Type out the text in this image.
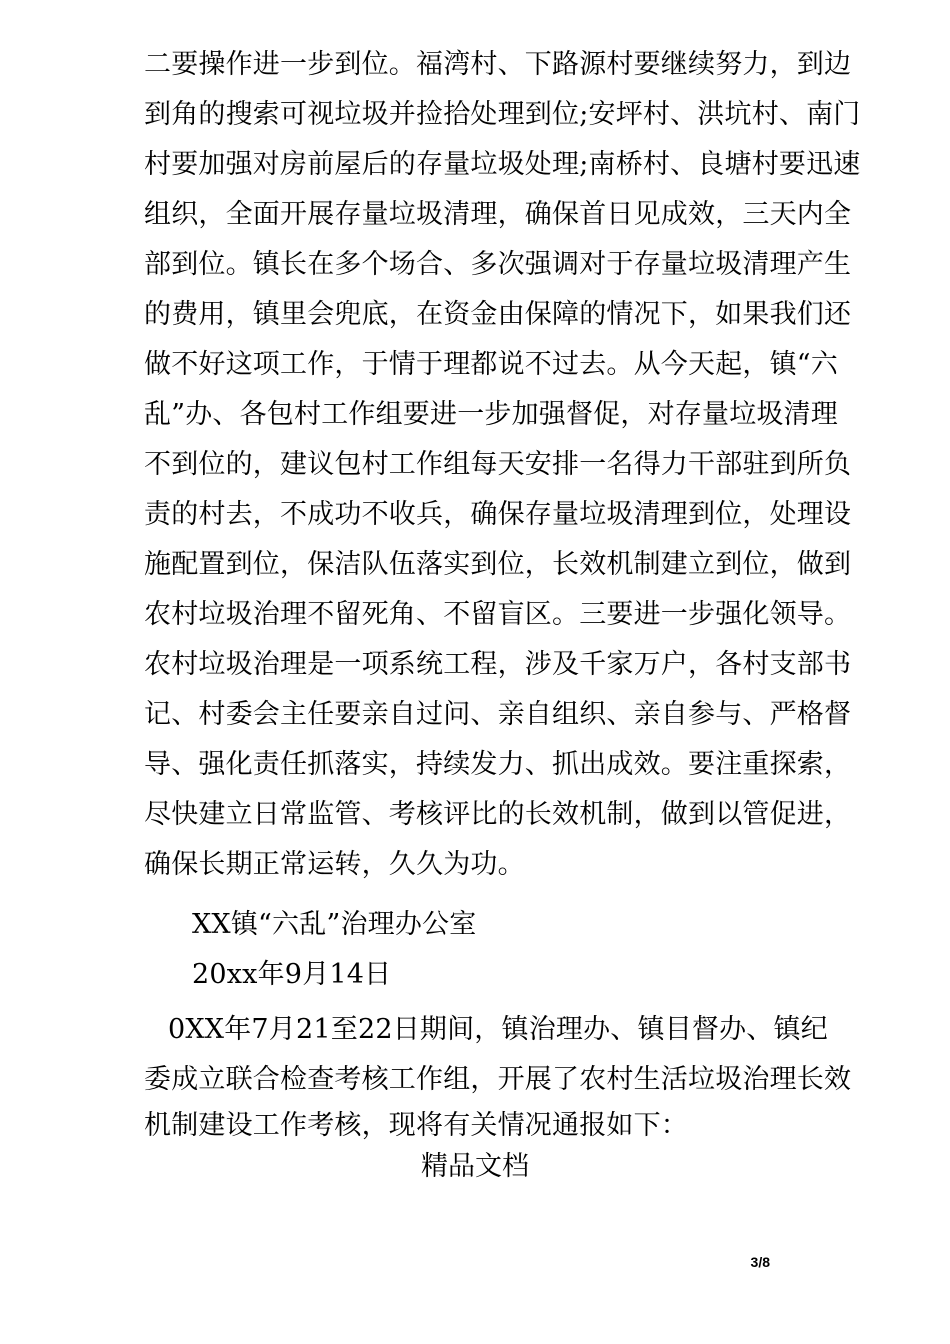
二要操作进一步到位。福湾村、下路源村要继续努力，到边
到角的搜索可视垃圾并捡拾处理到位;安坪村、洪坑村、南门
村要加强对房前屋后的存量垃圾处理;南桥村、良塘村要迅速
组织，全面开展存量垃圾清理，确保首日见成效，三天内全
部到位。镇长在多个场合、多次强调对于存量垃圾清理产生
的费用，镇里会兜底，在资金由保障的情况下，如果我们还
做不好这项工作，于情于理都说不过去。从今天起，镇“六
乱”办、各包村工作组要进一步加强督促，对存量垃圾清理
不到位的，建议包村工作组每天安排一名得力干部驻到所负
责的村去，不成功不收兵，确保存量垃圾清理到位，处理设
施配置到位，保洁队伍落实到位，长效机制建立到位，做到
农村垃圾治理不留死角、不留盲区。三要进一步强化领导。
农村垃圾治理是一项系统工程，涉及千家万户，各村支部书
记、村委会主任要亲自过问、亲自组织、亲自参与、严格督
导、强化责任抓落实，持续发力、抓出成效。要注重探索，
尽快建立日常监管、考核评比的长效机制，做到以管促进，
确保长期正常运转，久久为功。
XX镇“六乱”治理办公室
20xx年9月14日
0XX年7月21至22日期间，镇治理办、镇目督办、镇纪
委成立联合检查考核工作组，开展了农村生活垃圾治理长效
机制建设工作考核，现将有关情况通报如下：
精品文档
3/8
